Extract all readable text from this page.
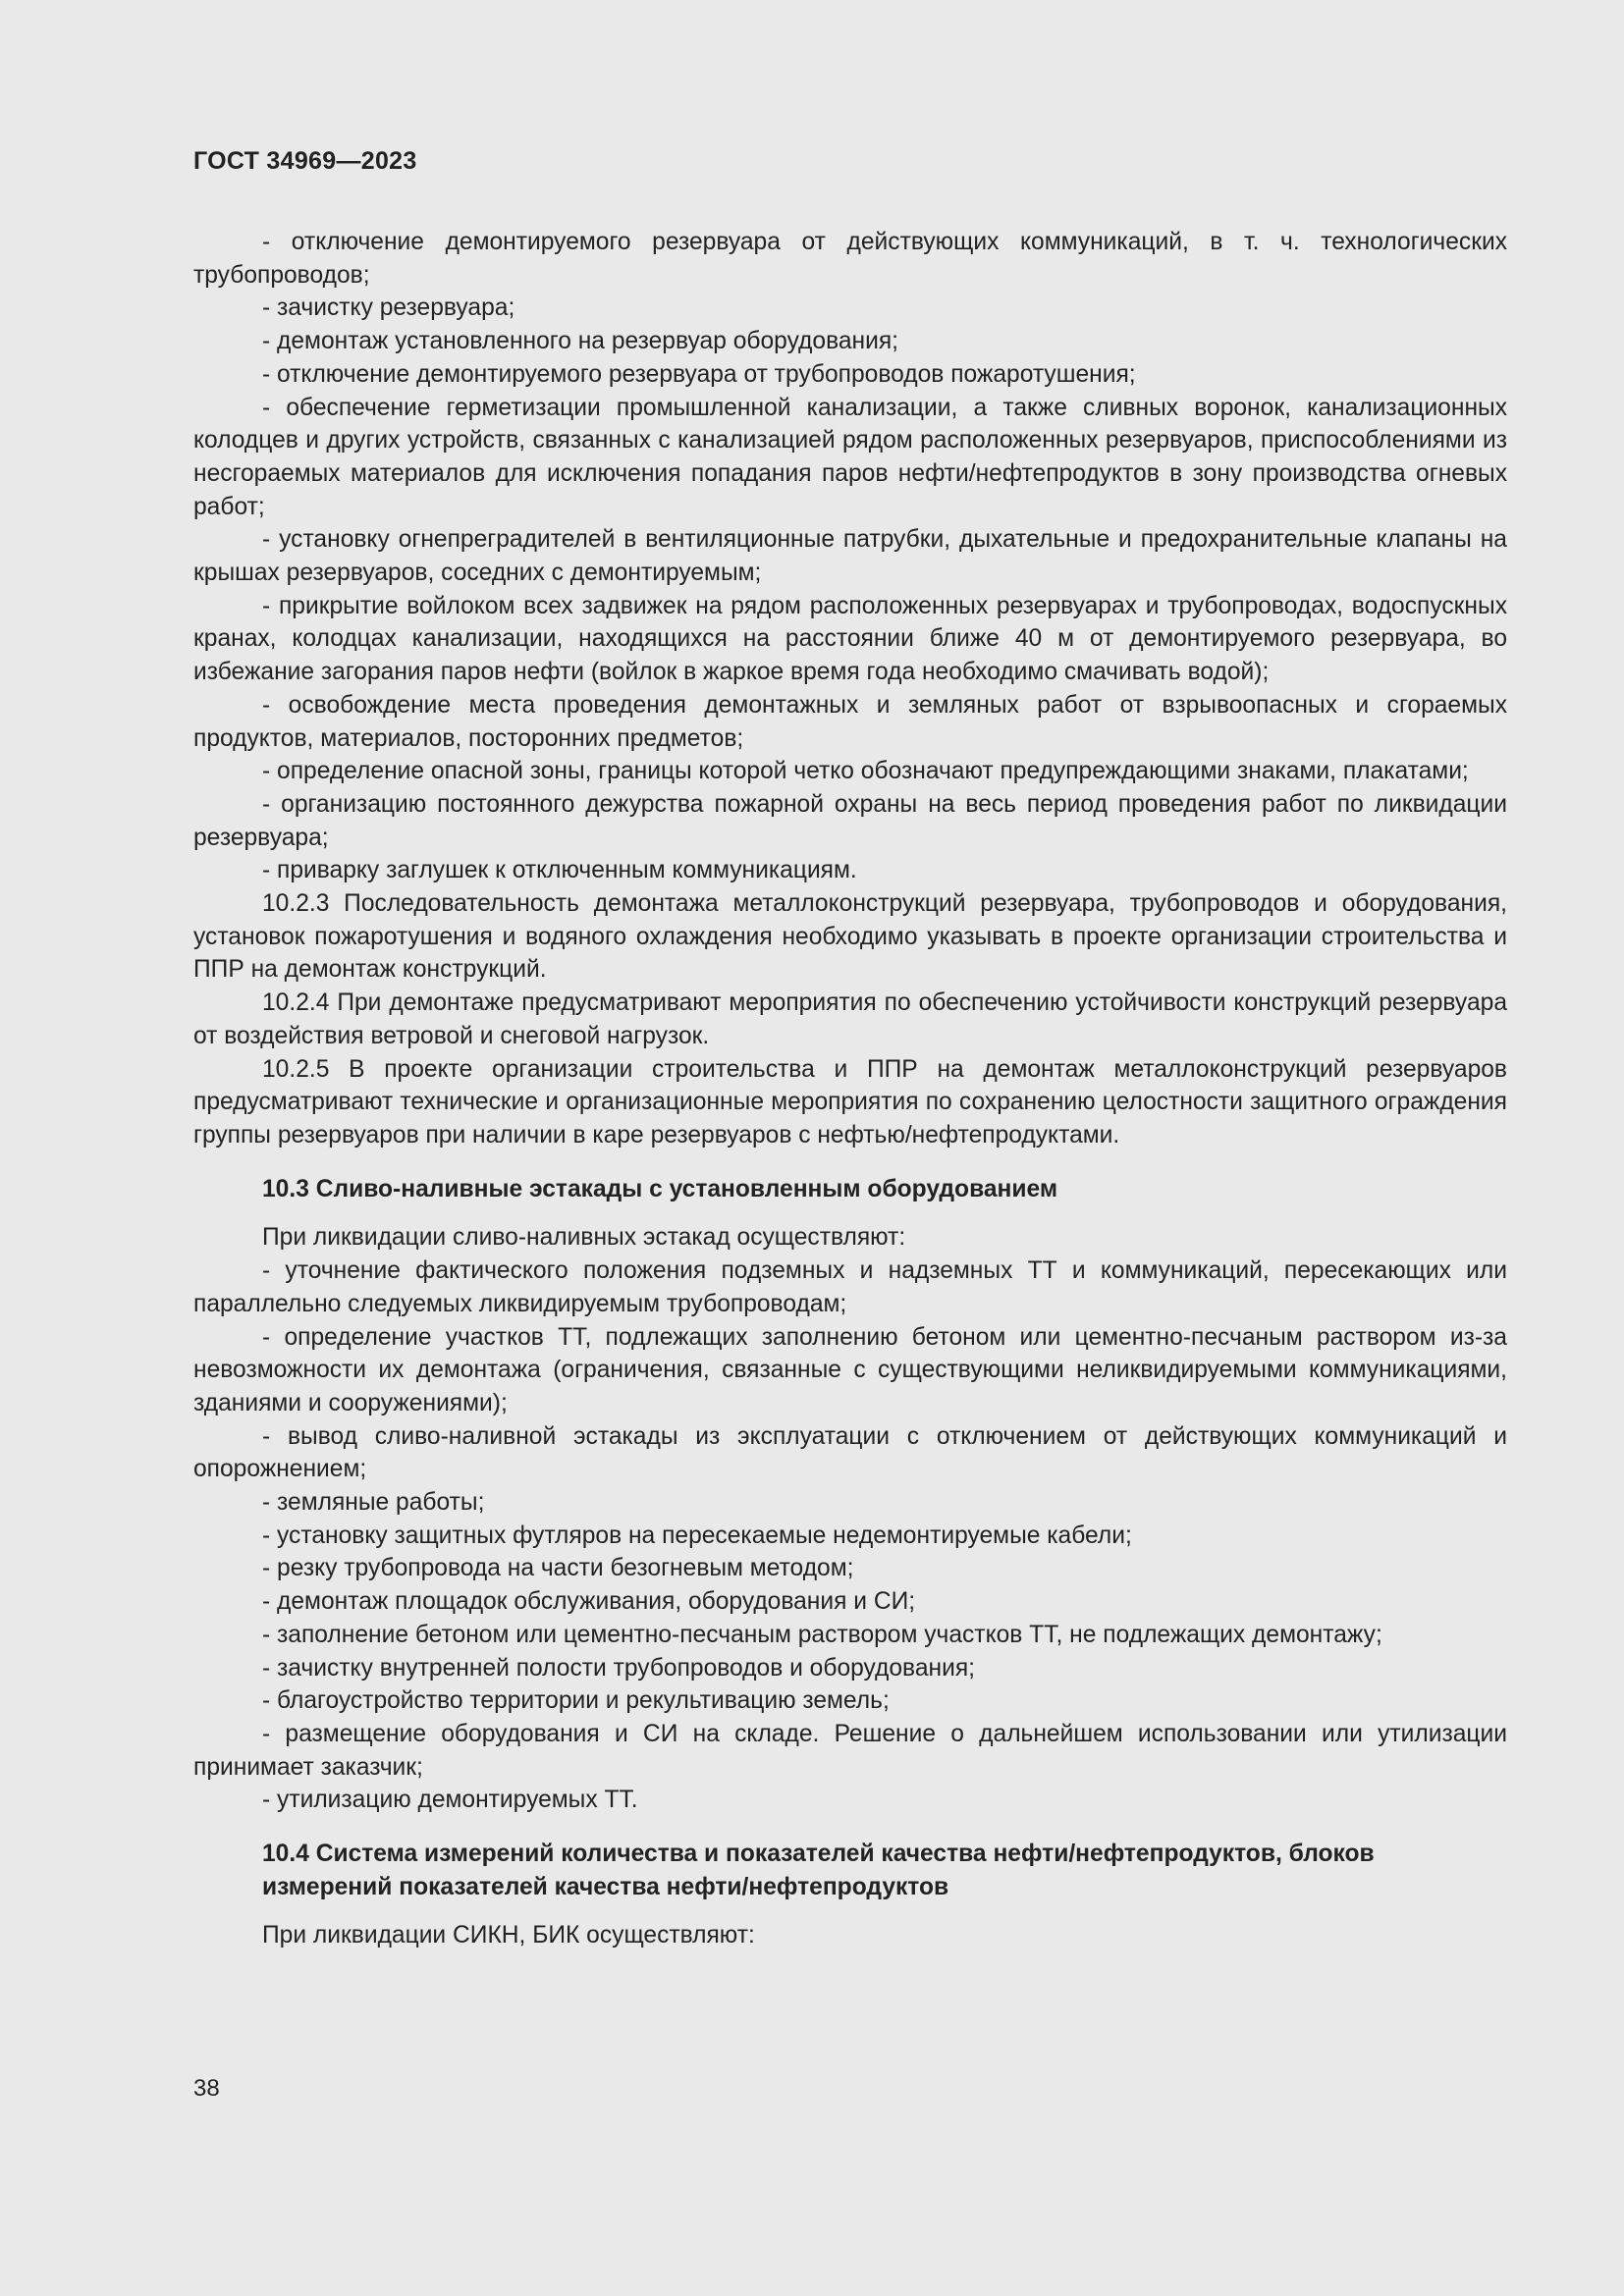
ГОСТ 34969—2023

- отключение демонтируемого резервуара от действующих коммуникаций, в т. ч. технологических трубопроводов;

- зачистку резервуара;

- демонтаж установленного на резервуар оборудования;

- отключение демонтируемого резервуара от трубопроводов пожаротушения;

- обеспечение герметизации промышленной канализации, а также сливных воронок, канализационных колодцев и других устройств, связанных с канализацией рядом расположенных резервуаров, приспособлениями из несгораемых материалов для исключения попадания паров нефти/нефтепродуктов в зону производства огневых работ;

- установку огнепреградителей в вентиляционные патрубки, дыхательные и предохранительные клапаны на крышах резервуаров, соседних с демонтируемым;

- прикрытие войлоком всех задвижек на рядом расположенных резервуарах и трубопроводах, водоспускных кранах, колодцах канализации, находящихся на расстоянии ближе 40 м от демонтируемого резервуара, во избежание загорания паров нефти (войлок в жаркое время года необходимо смачивать водой);

- освобождение места проведения демонтажных и земляных работ от взрывоопасных и сгораемых продуктов, материалов, посторонних предметов;

- определение опасной зоны, границы которой четко обозначают предупреждающими знаками, плакатами;

- организацию постоянного дежурства пожарной охраны на весь период проведения работ по ликвидации резервуара;

- приварку заглушек к отключенным коммуникациям.

10.2.3 Последовательность демонтажа металлоконструкций резервуара, трубопроводов и оборудования, установок пожаротушения и водяного охлаждения необходимо указывать в проекте организации строительства и ППР на демонтаж конструкций.

10.2.4 При демонтаже предусматривают мероприятия по обеспечению устойчивости конструкций резервуара от воздействия ветровой и снеговой нагрузок.

10.2.5 В проекте организации строительства и ППР на демонтаж металлоконструкций резервуаров предусматривают технические и организационные мероприятия по сохранению целостности защитного ограждения группы резервуаров при наличии в каре резервуаров с нефтью/нефтепродуктами.

10.3 Сливо-наливные эстакады с установленным оборудованием

При ликвидации сливо-наливных эстакад осуществляют:

- уточнение фактического положения подземных и надземных ТТ и коммуникаций, пересекающих или параллельно следуемых ликвидируемым трубопроводам;

- определение участков ТТ, подлежащих заполнению бетоном или цементно-песчаным раствором из-за невозможности их демонтажа (ограничения, связанные с существующими неликвидируемыми коммуникациями, зданиями и сооружениями);

- вывод сливо-наливной эстакады из эксплуатации с отключением от действующих коммуникаций и опорожнением;

- земляные работы;

- установку защитных футляров на пересекаемые недемонтируемые кабели;

- резку трубопровода на части безогневым методом;

- демонтаж площадок обслуживания, оборудования и СИ;

- заполнение бетоном или цементно-песчаным раствором участков ТТ, не подлежащих демонтажу;

- зачистку внутренней полости трубопроводов и оборудования;

- благоустройство территории и рекультивацию земель;

- размещение оборудования и СИ на складе. Решение о дальнейшем использовании или утилизации принимает заказчик;

- утилизацию демонтируемых ТТ.

10.4 Система измерений количества и показателей качества нефти/нефтепродуктов, блоков измерений показателей качества нефти/нефтепродуктов

При ликвидации СИКН, БИК осуществляют:

38
